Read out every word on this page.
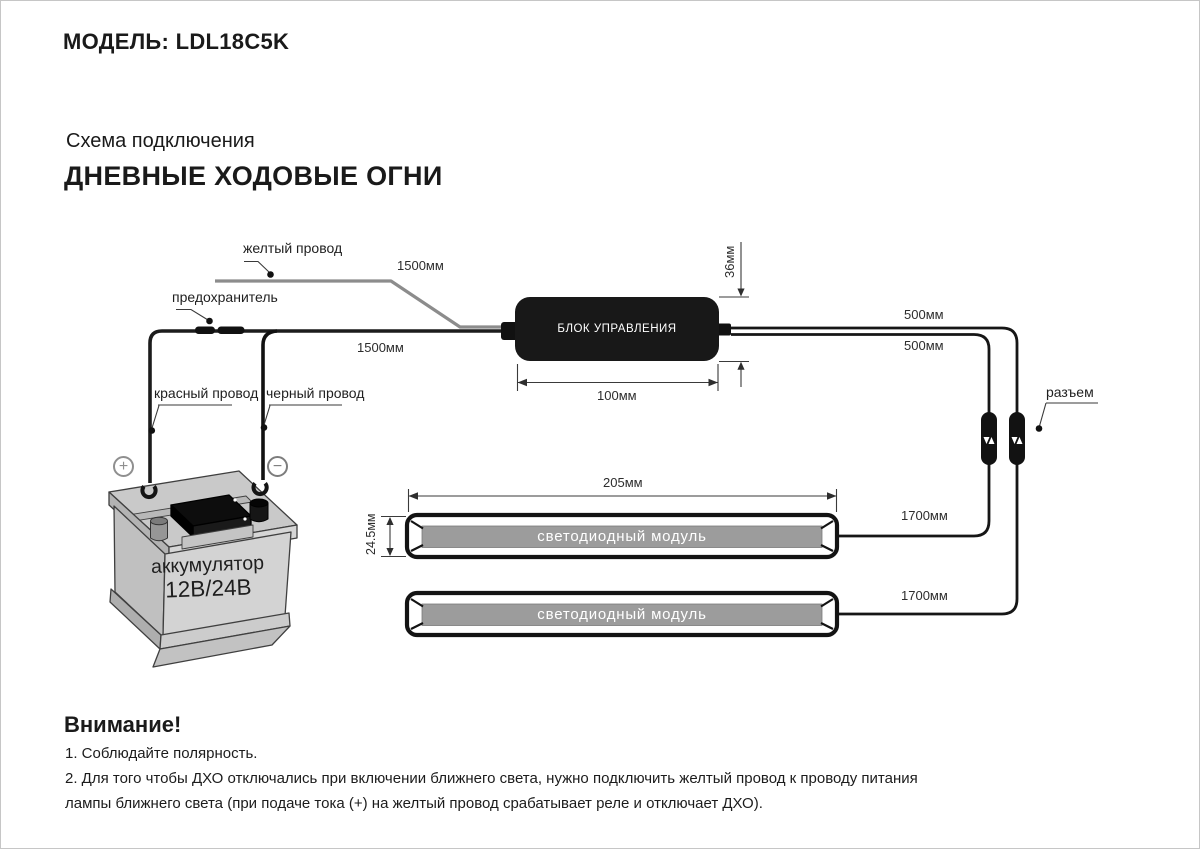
МОДЕЛЬ: LDL18C5K
Схема подключения
ДНЕВНЫЕ ХОДОВЫЕ ОГНИ
желтый провод
предохранитель
красный провод черный провод	разъем
1500мм
1500мм
36мм
100мм
500мм
500мм
205мм
24.5мм	1700мм
1700мм
БЛОК УПРАВЛЕНИЯ
светодиодный модуль
светодиодный модуль
аккумулятор
12В/24В
+	−
Внимание!
1. Соблюдайте полярность.
2. Для того чтобы ДХО отключались при включении ближнего света, нужно подключить желтый провод к проводу питания
лампы ближнего света (при подаче тока (+) на желтый провод срабатывает реле и отключает ДХО).
